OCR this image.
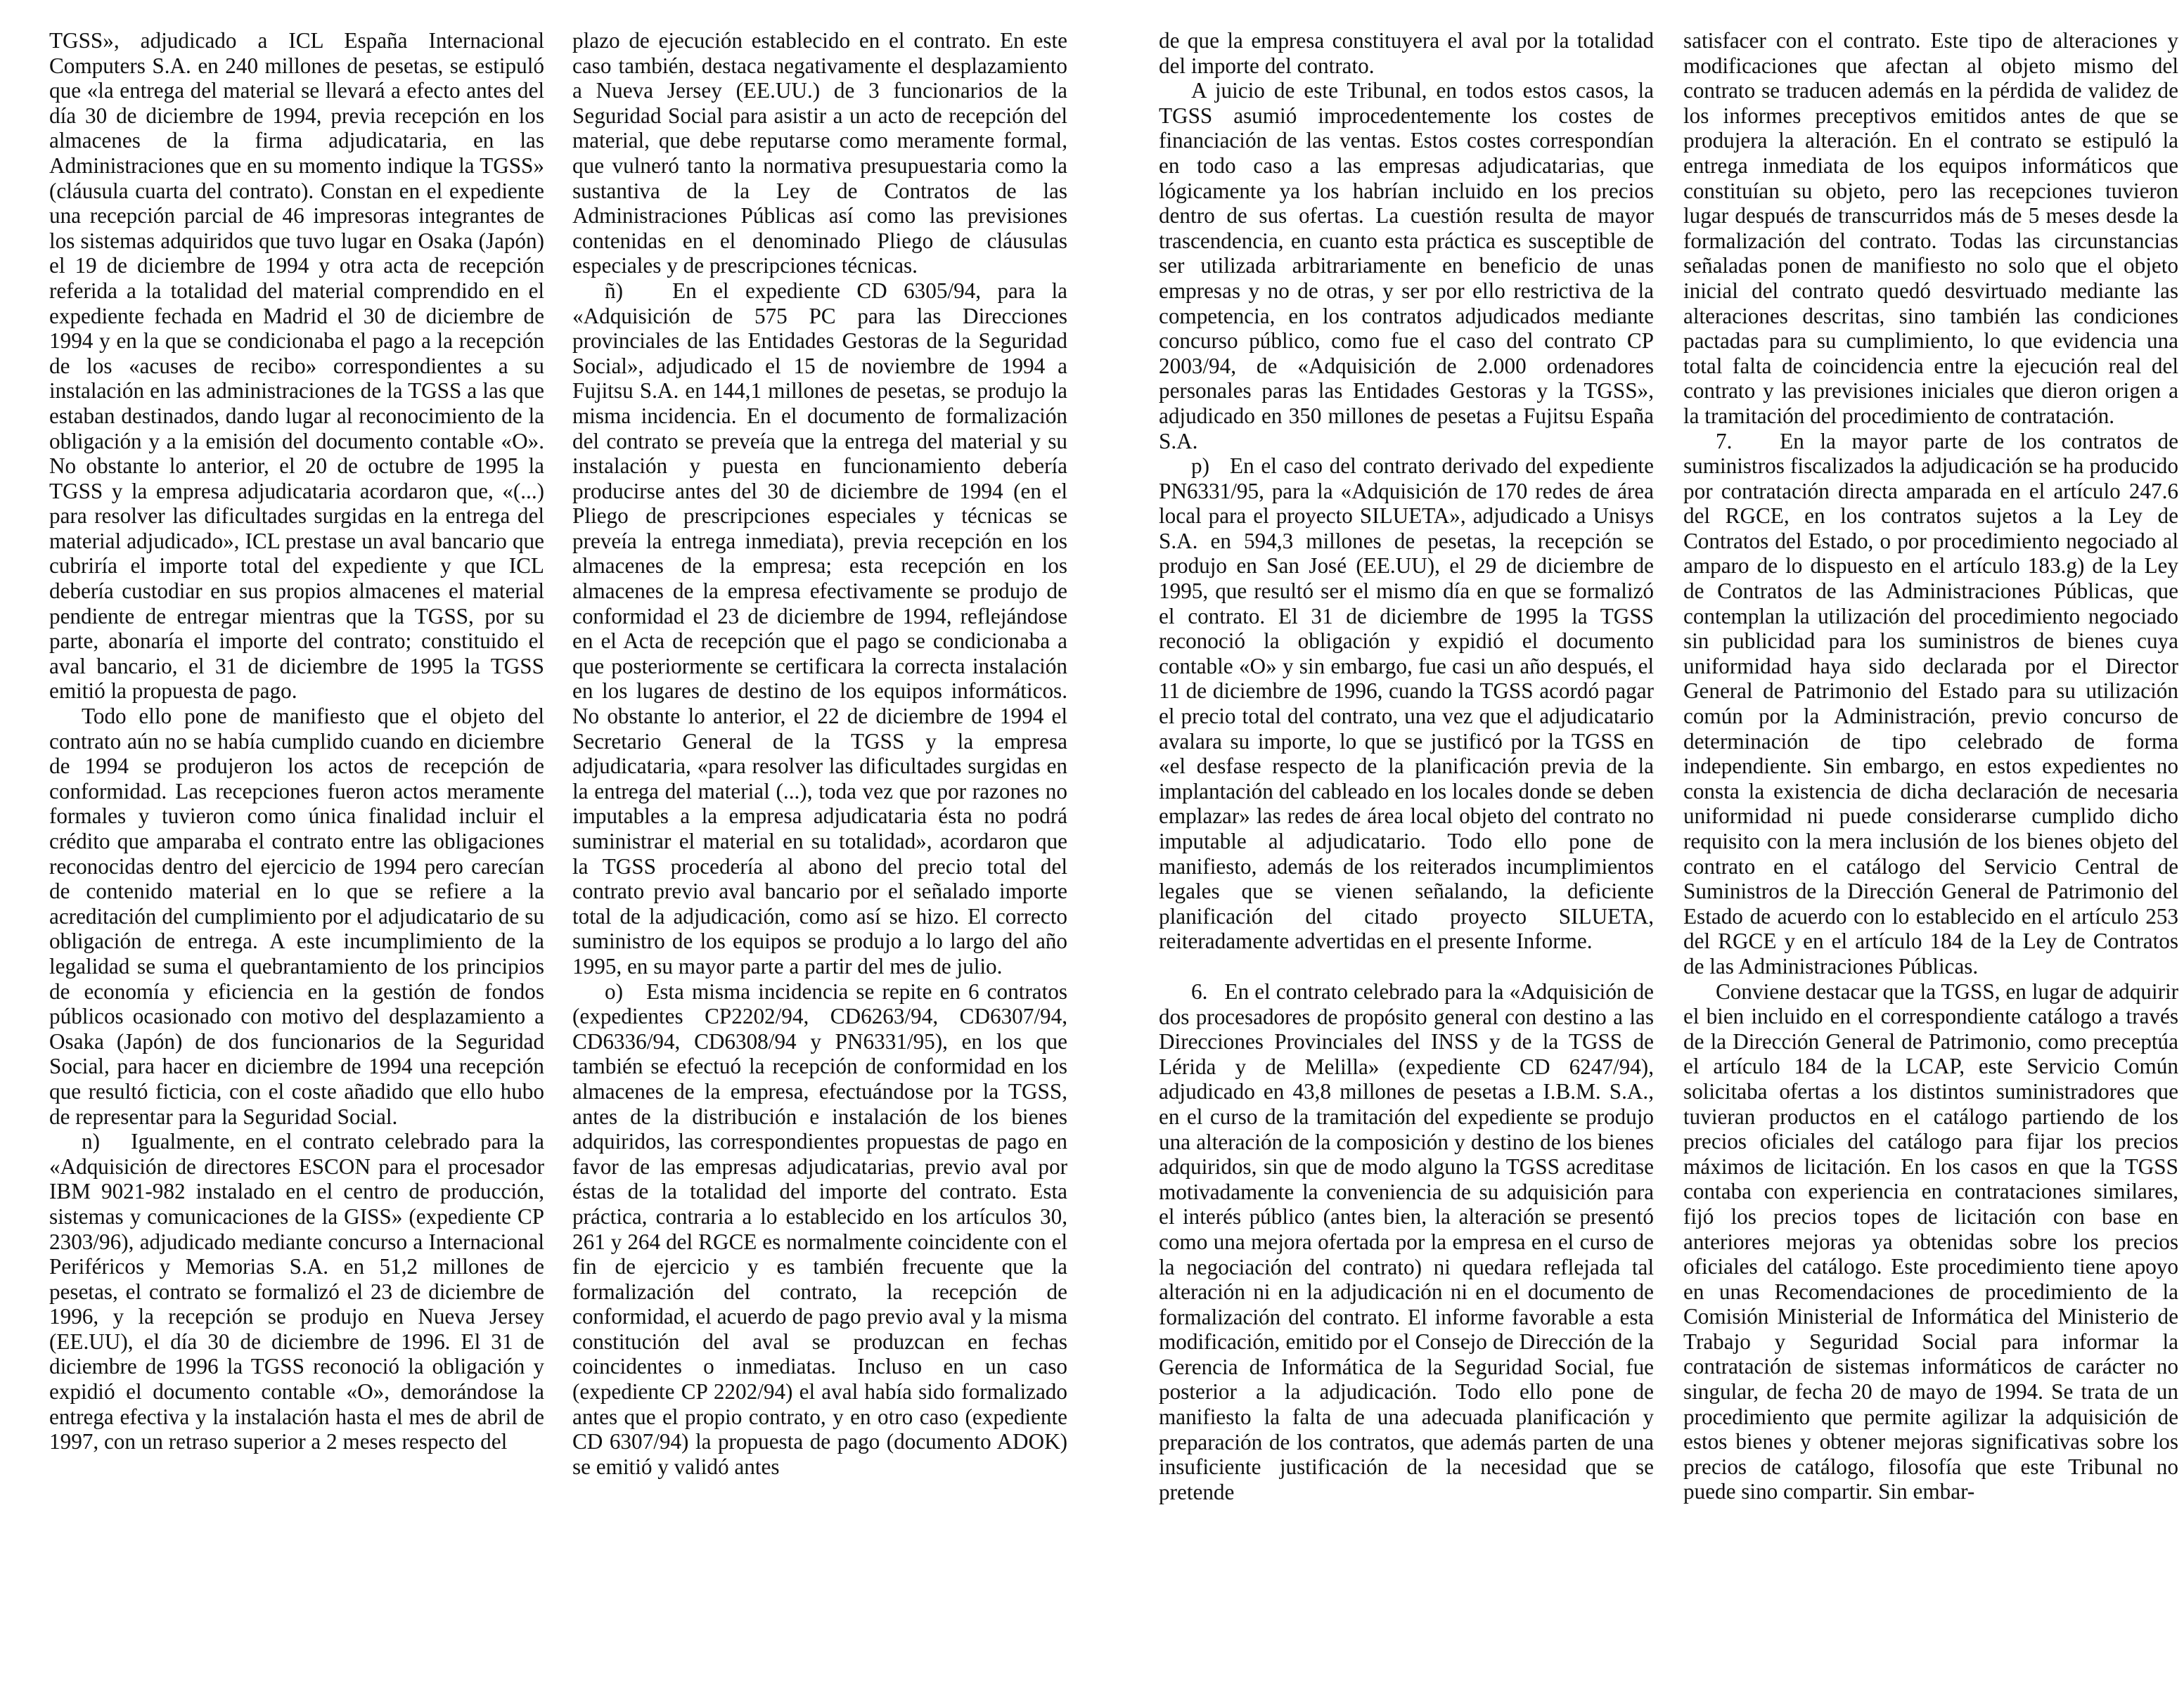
TGSS», adjudicado a ICL España Internacional Computers S.A. en 240 millones de pesetas, se estipuló que «la entrega del material se llevará a efecto antes del día 30 de diciembre de 1994, previa recepción en los almacenes de la firma adjudicataria, en las Administraciones que en su momento indique la TGSS» (cláusula cuarta del contrato). Constan en el expediente una recepción parcial de 46 impresoras integrantes de los sistemas adquiridos que tuvo lugar en Osaka (Japón) el 19 de diciembre de 1994 y otra acta de recepción referida a la totalidad del material comprendido en el expediente fechada en Madrid el 30 de diciembre de 1994 y en la que se condicionaba el pago a la recepción de los «acuses de recibo» correspondientes a su instalación en las administraciones de la TGSS a las que estaban destinados, dando lugar al reconocimiento de la obligación y a la emisión del documento contable «O». No obstante lo anterior, el 20 de octubre de 1995 la TGSS y la empresa adjudicataria acordaron que, «(...) para resolver las dificultades surgidas en la entrega del material adjudicado», ICL prestase un aval bancario que cubriría el importe total del expediente y que ICL debería custodiar en sus propios almacenes el material pendiente de entregar mientras que la TGSS, por su parte, abonaría el importe del contrato; constituido el aval bancario, el 31 de diciembre de 1995 la TGSS emitió la propuesta de pago.

Todo ello pone de manifiesto que el objeto del contrato aún no se había cumplido cuando en diciembre de 1994 se produjeron los actos de recepción de conformidad. Las recepciones fueron actos meramente formales y tuvieron como única finalidad incluir el crédito que amparaba el contrato entre las obligaciones reconocidas dentro del ejercicio de 1994 pero carecían de contenido material en lo que se refiere a la acreditación del cumplimiento por el adjudicatario de su obligación de entrega. A este incumplimiento de la legalidad se suma el quebrantamiento de los principios de economía y eficiencia en la gestión de fondos públicos ocasionado con motivo del desplazamiento a Osaka (Japón) de dos funcionarios de la Seguridad Social, para hacer en diciembre de 1994 una recepción que resultó ficticia, con el coste añadido que ello hubo de representar para la Seguridad Social.

n)   Igualmente, en el contrato celebrado para la «Adquisición de directores ESCON para el procesador IBM 9021-982 instalado en el centro de producción, sistemas y comunicaciones de la GISS» (expediente CP 2303/96), adjudicado mediante concurso a Internacional Periféricos y Memorias S.A. en 51,2 millones de pesetas, el contrato se formalizó el 23 de diciembre de 1996, y la recepción se produjo en Nueva Jersey (EE.UU), el día 30 de diciembre de 1996. El 31 de diciembre de 1996 la TGSS reconoció la obligación y expidió el documento contable «O», demorándose la entrega efectiva y la instalación hasta el mes de abril de 1997, con un retraso superior a 2 meses respecto del

plazo de ejecución establecido en el contrato. En este caso también, destaca negativamente el desplazamiento a Nueva Jersey (EE.UU.) de 3 funcionarios de la Seguridad Social para asistir a un acto de recepción del material, que debe reputarse como meramente formal, que vulneró tanto la normativa presupuestaria como la sustantiva de la Ley de Contratos de las Administraciones Públicas así como las previsiones contenidas en el denominado Pliego de cláusulas especiales y de prescripciones técnicas.

ñ)   En el expediente CD 6305/94, para la «Adquisición de 575 PC para las Direcciones provinciales de las Entidades Gestoras de la Seguridad Social», adjudicado el 15 de noviembre de 1994 a Fujitsu S.A. en 144,1 millones de pesetas, se produjo la misma incidencia. En el documento de formalización del contrato se preveía que la entrega del material y su instalación y puesta en funcionamiento debería producirse antes del 30 de diciembre de 1994 (en el Pliego de prescripciones especiales y técnicas se preveía la entrega inmediata), previa recepción en los almacenes de la empresa; esta recepción en los almacenes de la empresa efectivamente se produjo de conformidad el 23 de diciembre de 1994, reflejándose en el Acta de recepción que el pago se condicionaba a que posteriormente se certificara la correcta instalación en los lugares de destino de los equipos informáticos. No obstante lo anterior, el 22 de diciembre de 1994 el Secretario General de la TGSS y la empresa adjudicataria, «para resolver las dificultades surgidas en la entrega del material (...), toda vez que por razones no imputables a la empresa adjudicataria ésta no podrá suministrar el material en su totalidad», acordaron que la TGSS procedería al abono del precio total del contrato previo aval bancario por el señalado importe total de la adjudicación, como así se hizo. El correcto suministro de los equipos se produjo a lo largo del año 1995, en su mayor parte a partir del mes de julio.

o)   Esta misma incidencia se repite en 6 contratos (expedientes CP2202/94, CD6263/94, CD6307/94, CD6336/94, CD6308/94 y PN6331/95), en los que también se efectuó la recepción de conformidad en los almacenes de la empresa, efectuándose por la TGSS, antes de la distribución e instalación de los bienes adquiridos, las correspondientes propuestas de pago en favor de las empresas adjudicatarias, previo aval por éstas de la totalidad del importe del contrato. Esta práctica, contraria a lo establecido en los artículos 30, 261 y 264 del RGCE es normalmente coincidente con el fin de ejercicio y es también frecuente que la formalización del contrato, la recepción de conformidad, el acuerdo de pago previo aval y la misma constitución del aval se produzcan en fechas coincidentes o inmediatas. Incluso en un caso (expediente CP 2202/94) el aval había sido formalizado antes que el propio contrato, y en otro caso (expediente CD 6307/94) la propuesta de pago (documento ADOK) se emitió y validó antes

de que la empresa constituyera el aval por la totalidad del importe del contrato.

A juicio de este Tribunal, en todos estos casos, la TGSS asumió improcedentemente los costes de financiación de las ventas. Estos costes correspondían en todo caso a las empresas adjudicatarias, que lógicamente ya los habrían incluido en los precios dentro de sus ofertas. La cuestión resulta de mayor trascendencia, en cuanto esta práctica es susceptible de ser utilizada arbitrariamente en beneficio de unas empresas y no de otras, y ser por ello restrictiva de la competencia, en los contratos adjudicados mediante concurso público, como fue el caso del contrato CP 2003/94, de «Adquisición de 2.000 ordenadores personales paras las Entidades Gestoras y la TGSS», adjudicado en 350 millones de pesetas a Fujitsu España S.A.

p)   En el caso del contrato derivado del expediente PN6331/95, para la «Adquisición de 170 redes de área local para el proyecto SILUETA», adjudicado a Unisys S.A. en 594,3 millones de pesetas, la recepción se produjo en San José (EE.UU), el 29 de diciembre de 1995, que resultó ser el mismo día en que se formalizó el contrato. El 31 de diciembre de 1995 la TGSS reconoció la obligación y expidió el documento contable «O» y sin embargo, fue casi un año después, el 11 de diciembre de 1996, cuando la TGSS acordó pagar el precio total del contrato, una vez que el adjudicatario avalara su importe, lo que se justificó por la TGSS en «el desfase respecto de la planificación previa de la implantación del cableado en los locales donde se deben emplazar» las redes de área local objeto del contrato no imputable al adjudicatario. Todo ello pone de manifiesto, además de los reiterados incumplimientos legales que se vienen señalando, la deficiente planificación del citado proyecto SILUETA, reiteradamente advertidas en el presente Informe.

6.   En el contrato celebrado para la «Adquisición de dos procesadores de propósito general con destino a las Direcciones Provinciales del INSS y de la TGSS de Lérida y de Melilla» (expediente CD 6247/94), adjudicado en 43,8 millones de pesetas a I.B.M. S.A., en el curso de la tramitación del expediente se produjo una alteración de la composición y destino de los bienes adquiridos, sin que de modo alguno la TGSS acreditase motivadamente la conveniencia de su adquisición para el interés público (antes bien, la alteración se presentó como una mejora ofertada por la empresa en el curso de la negociación del contrato) ni quedara reflejada tal alteración ni en la adjudicación ni en el documento de formalización del contrato. El informe favorable a esta modificación, emitido por el Consejo de Dirección de la Gerencia de Informática de la Seguridad Social, fue posterior a la adjudicación. Todo ello pone de manifiesto la falta de una adecuada planificación y preparación de los contratos, que además parten de una insuficiente justificación de la necesidad que se pretende

satisfacer con el contrato. Este tipo de alteraciones y modificaciones que afectan al objeto mismo del contrato se traducen además en la pérdida de validez de los informes preceptivos emitidos antes de que se produjera la alteración. En el contrato se estipuló la entrega inmediata de los equipos informáticos que constituían su objeto, pero las recepciones tuvieron lugar después de transcurridos más de 5 meses desde la formalización del contrato. Todas las circunstancias señaladas ponen de manifiesto no solo que el objeto inicial del contrato quedó desvirtuado mediante las alteraciones descritas, sino también las condiciones pactadas para su cumplimiento, lo que evidencia una total falta de coincidencia entre la ejecución real del contrato y las previsiones iniciales que dieron origen a la tramitación del procedimiento de contratación.

7.   En la mayor parte de los contratos de suministros fiscalizados la adjudicación se ha producido por contratación directa amparada en el artículo 247.6 del RGCE, en los contratos sujetos a la Ley de Contratos del Estado, o por procedimiento negociado al amparo de lo dispuesto en el artículo 183.g) de la Ley de Contratos de las Administraciones Públicas, que contemplan la utilización del procedimiento negociado sin publicidad para los suministros de bienes cuya uniformidad haya sido declarada por el Director General de Patrimonio del Estado para su utilización común por la Administración, previo concurso de determinación de tipo celebrado de forma independiente. Sin embargo, en estos expedientes no consta la existencia de dicha declaración de necesaria uniformidad ni puede considerarse cumplido dicho requisito con la mera inclusión de los bienes objeto del contrato en el catálogo del Servicio Central de Suministros de la Dirección General de Patrimonio del Estado de acuerdo con lo establecido en el artículo 253 del RGCE y en el artículo 184 de la Ley de Contratos de las Administraciones Públicas.

Conviene destacar que la TGSS, en lugar de adquirir el bien incluido en el correspondiente catálogo a través de la Dirección General de Patrimonio, como preceptúa el artículo 184 de la LCAP, este Servicio Común solicitaba ofertas a los distintos suministradores que tuvieran productos en el catálogo partiendo de los precios oficiales del catálogo para fijar los precios máximos de licitación. En los casos en que la TGSS contaba con experiencia en contrataciones similares, fijó los precios topes de licitación con base en anteriores mejoras ya obtenidas sobre los precios oficiales del catálogo. Este procedimiento tiene apoyo en unas Recomendaciones de procedimiento de la Comisión Ministerial de Informática del Ministerio de Trabajo y Seguridad Social para informar la contratación de sistemas informáticos de carácter no singular, de fecha 20 de mayo de 1994. Se trata de un procedimiento que permite agilizar la adquisición de estos bienes y obtener mejoras significativas sobre los precios de catálogo, filosofía que este Tribunal no puede sino compartir. Sin embar-
